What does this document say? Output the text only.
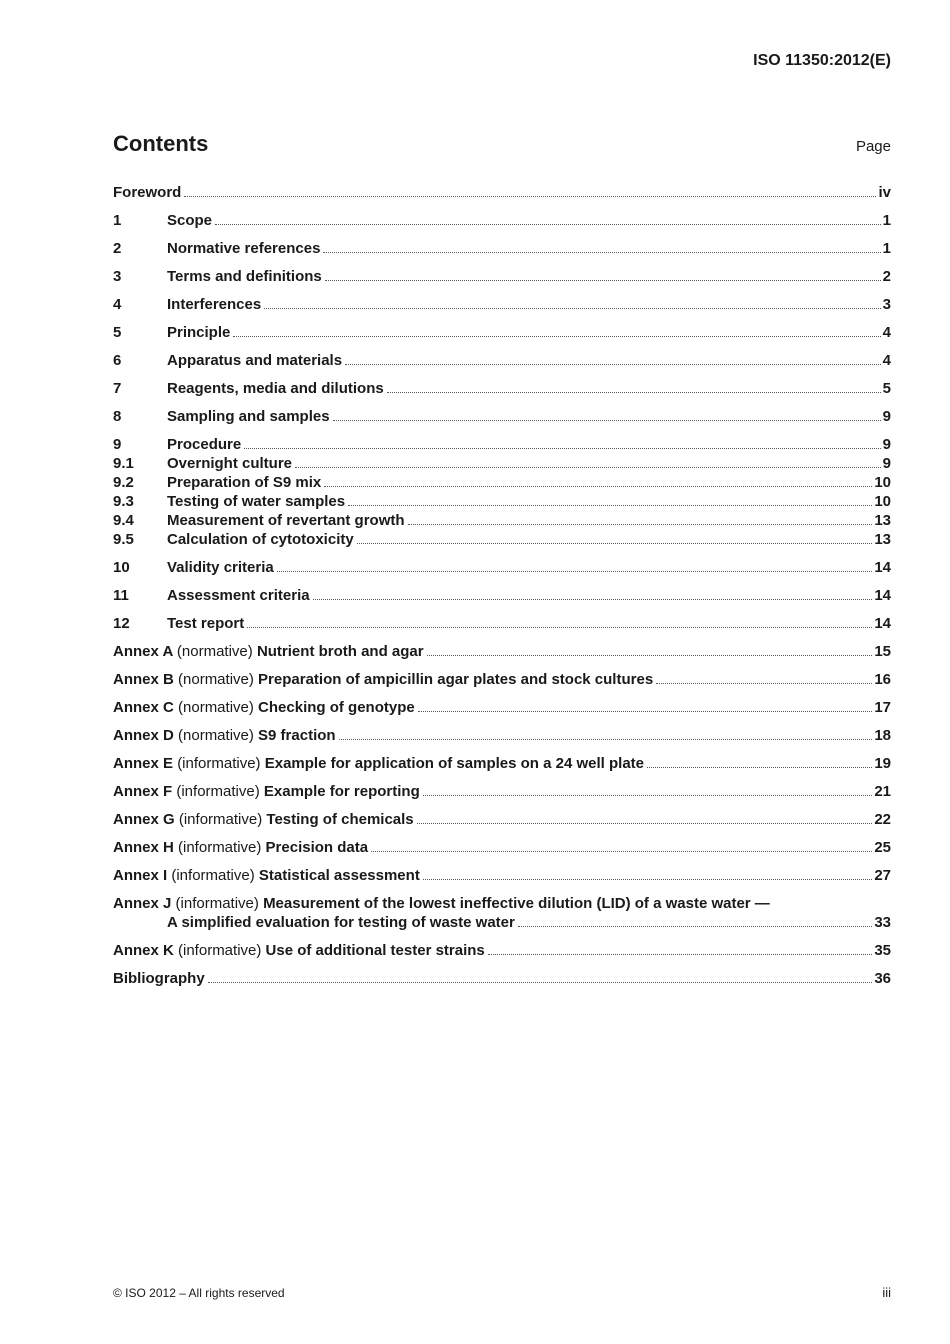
ISO 11350:2012(E)
Contents	Page
Foreword	iv
1	Scope	1
2	Normative references	1
3	Terms and definitions	2
4	Interferences	3
5	Principle	4
6	Apparatus and materials	4
7	Reagents, media and dilutions	5
8	Sampling and samples	9
9	Procedure	9
9.1	Overnight culture	9
9.2	Preparation of S9 mix	10
9.3	Testing of water samples	10
9.4	Measurement of revertant growth	13
9.5	Calculation of cytotoxicity	13
10	Validity criteria	14
11	Assessment criteria	14
12	Test report	14
Annex A (normative) Nutrient broth and agar	15
Annex B (normative) Preparation of ampicillin agar plates and stock cultures	16
Annex C (normative) Checking of genotype	17
Annex D (normative) S9 fraction	18
Annex E (informative) Example for application of samples on a 24 well plate	19
Annex F (informative) Example for reporting	21
Annex G (informative) Testing of chemicals	22
Annex H (informative) Precision data	25
Annex I (informative) Statistical assessment	27
Annex J (informative) Measurement of the lowest ineffective dilution (LID) of a waste water —
A simplified evaluation for testing of waste water	33
Annex K (informative) Use of additional tester strains	35
Bibliography	36
© ISO 2012 – All rights reserved	iii
